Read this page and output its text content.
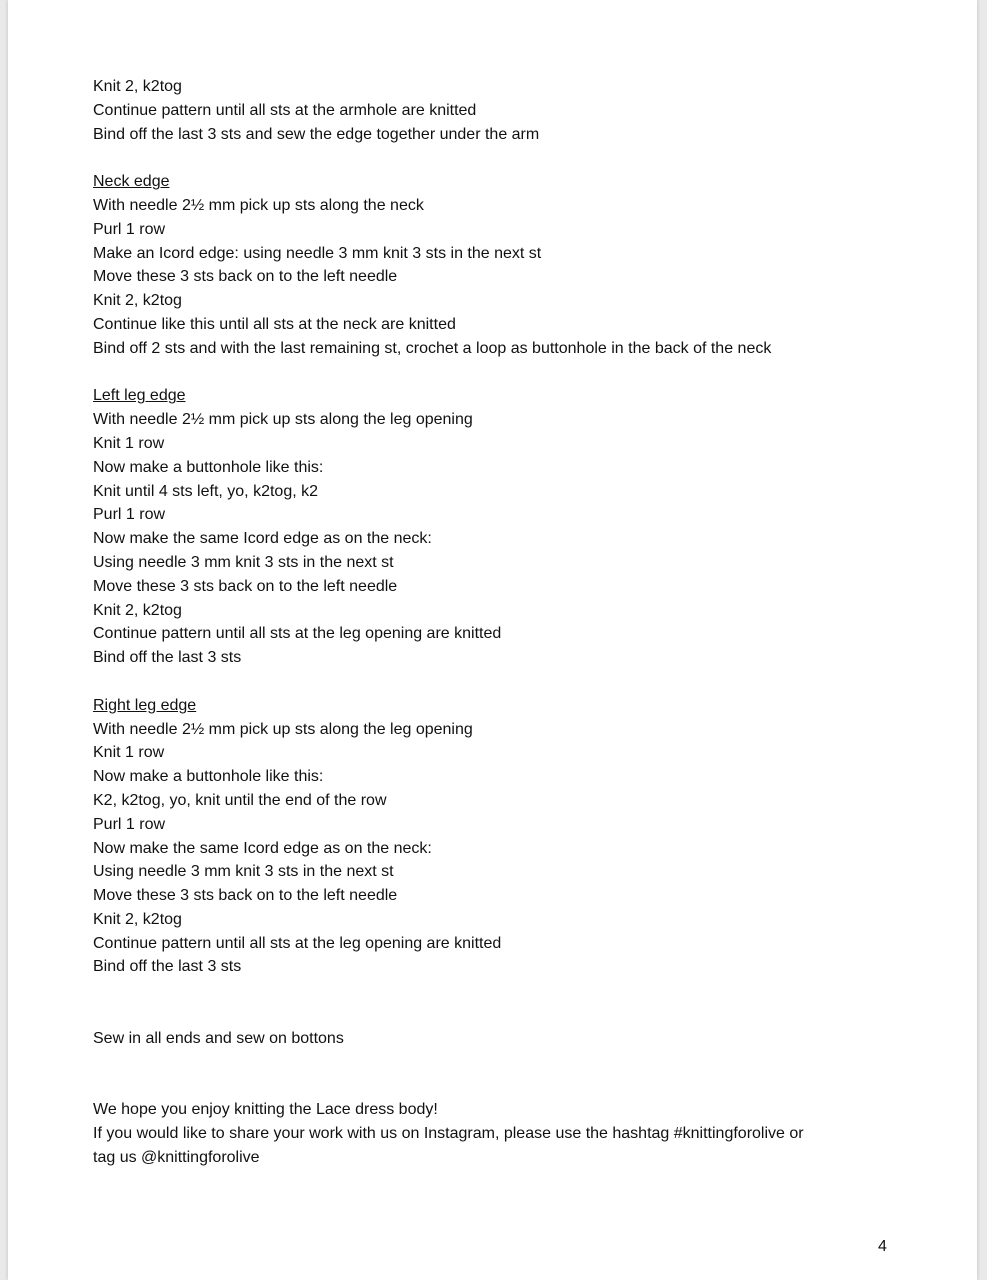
Knit 2, k2tog
Continue pattern until all sts at the armhole are knitted
Bind off the last 3 sts and sew the edge together under the arm
Neck edge
With needle 2½ mm pick up sts along the neck
Purl 1 row
Make an Icord edge: using needle 3 mm knit 3 sts in the next st
Move these 3 sts back on to the left needle
Knit 2, k2tog
Continue like this until all sts at the neck are knitted
Bind off 2 sts and with the last remaining st, crochet a loop as buttonhole in the back of the neck
Left leg edge
With needle 2½ mm pick up sts along the leg opening
Knit 1 row
Now make a buttonhole like this:
Knit until 4 sts left, yo, k2tog, k2
Purl 1 row
Now make the same Icord edge as on the neck:
Using needle 3 mm knit 3 sts in the next st
Move these 3 sts back on to the left needle
Knit 2, k2tog
Continue pattern until all sts at the leg opening are knitted
Bind off the last 3 sts
Right leg edge
With needle 2½ mm pick up sts along the leg opening
Knit 1 row
Now make a buttonhole like this:
K2, k2tog, yo, knit until the end of the row
Purl 1 row
Now make the same Icord edge as on the neck:
Using needle 3 mm knit 3 sts in the next st
Move these 3 sts back on to the left needle
Knit 2, k2tog
Continue pattern until all sts at the leg opening are knitted
Bind off the last 3 sts
Sew in all ends and sew on bottons
We hope you enjoy knitting the Lace dress body!
If you would like to share your work with us on Instagram, please use the hashtag #knittingforolive or
tag us @knittingforolive
4
